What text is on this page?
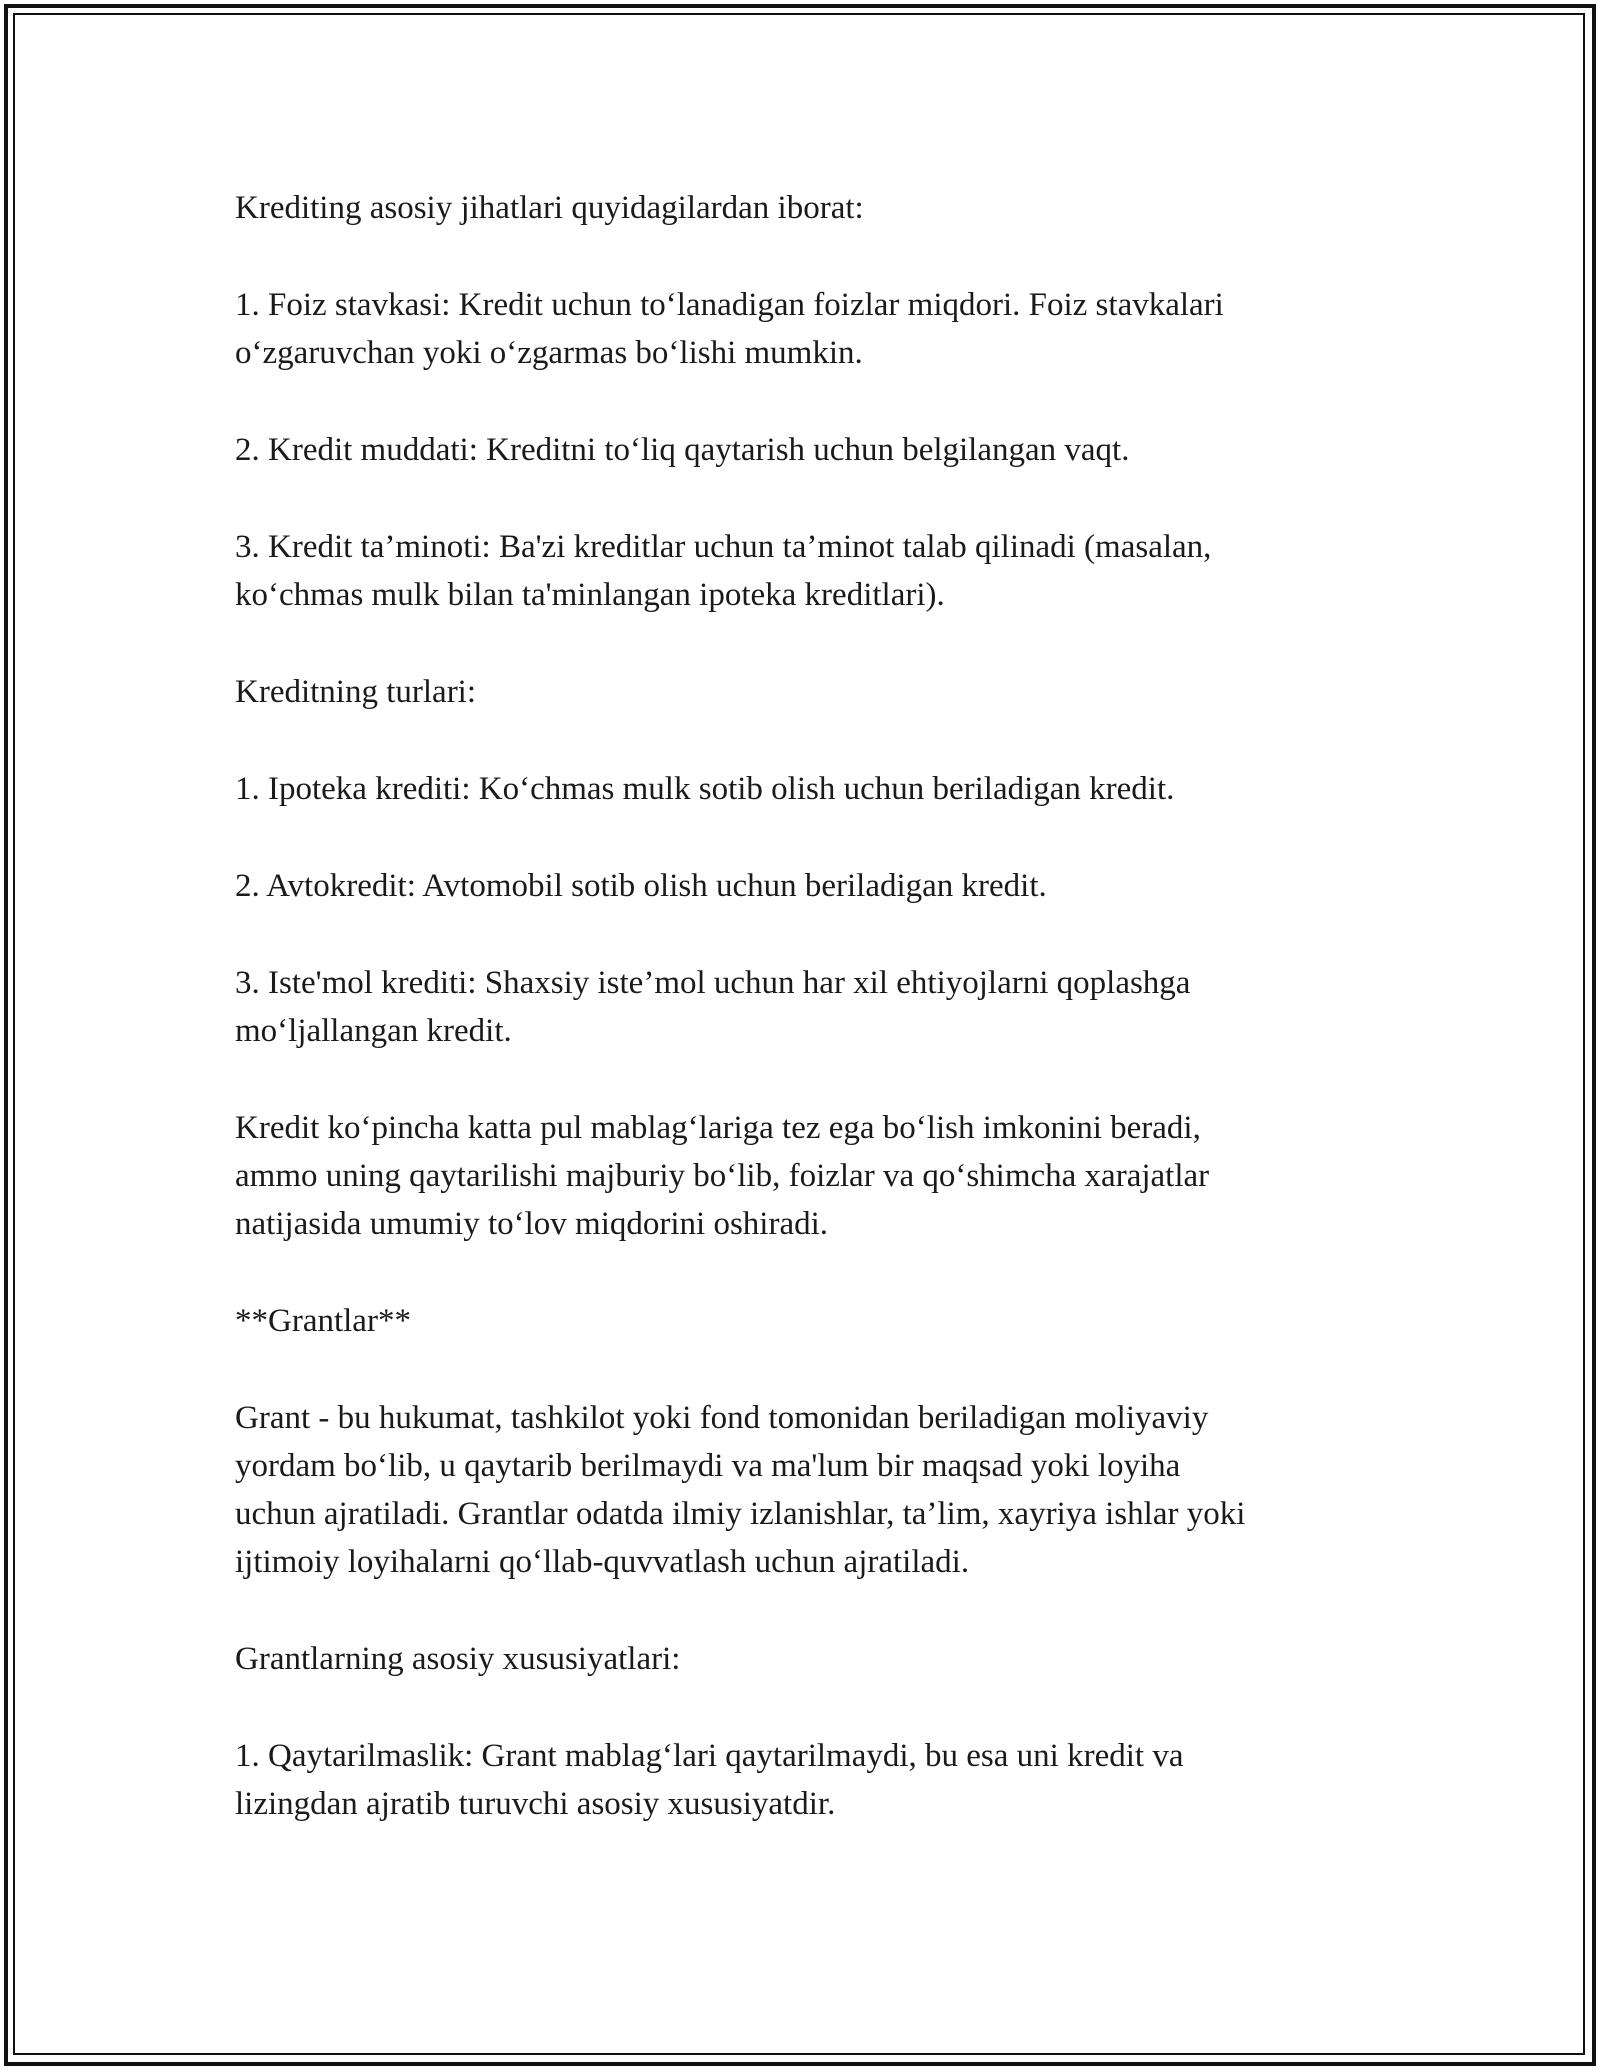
Krediting asosiy jihatlari quyidagilardan iborat:
1. Foiz stavkasi: Kredit uchun to‘lanadigan foizlar miqdori. Foiz stavkalari
o‘zgaruvchan yoki o‘zgarmas bo‘lishi mumkin.
2. Kredit muddati: Kreditni to‘liq qaytarish uchun belgilangan vaqt.
3. Kredit ta’minoti: Ba'zi kreditlar uchun ta’minot talab qilinadi (masalan,
ko‘chmas mulk bilan ta'minlangan ipoteka kreditlari).
Kreditning turlari:
1. Ipoteka krediti: Ko‘chmas mulk sotib olish uchun beriladigan kredit.
2. Avtokredit: Avtomobil sotib olish uchun beriladigan kredit.
3. Iste'mol krediti: Shaxsiy iste’mol uchun har xil ehtiyojlarni qoplashga
mo‘ljallangan kredit.
Kredit ko‘pincha katta pul mablag‘lariga tez ega bo‘lish imkonini beradi,
ammo uning qaytarilishi majburiy bo‘lib, foizlar va qo‘shimcha xarajatlar
natijasida umumiy to‘lov miqdorini oshiradi.
**Grantlar**
Grant - bu hukumat, tashkilot yoki fond tomonidan beriladigan moliyaviy
yordam bo‘lib, u qaytarib berilmaydi va ma'lum bir maqsad yoki loyiha
uchun ajratiladi. Grantlar odatda ilmiy izlanishlar, ta’lim, xayriya ishlar yoki
ijtimoiy loyihalarni qo‘llab-quvvatlash uchun ajratiladi.
Grantlarning asosiy xususiyatlari:
1. Qaytarilmaslik: Grant mablag‘lari qaytarilmaydi, bu esa uni kredit va
lizingdan ajratib turuvchi asosiy xususiyatdir.
